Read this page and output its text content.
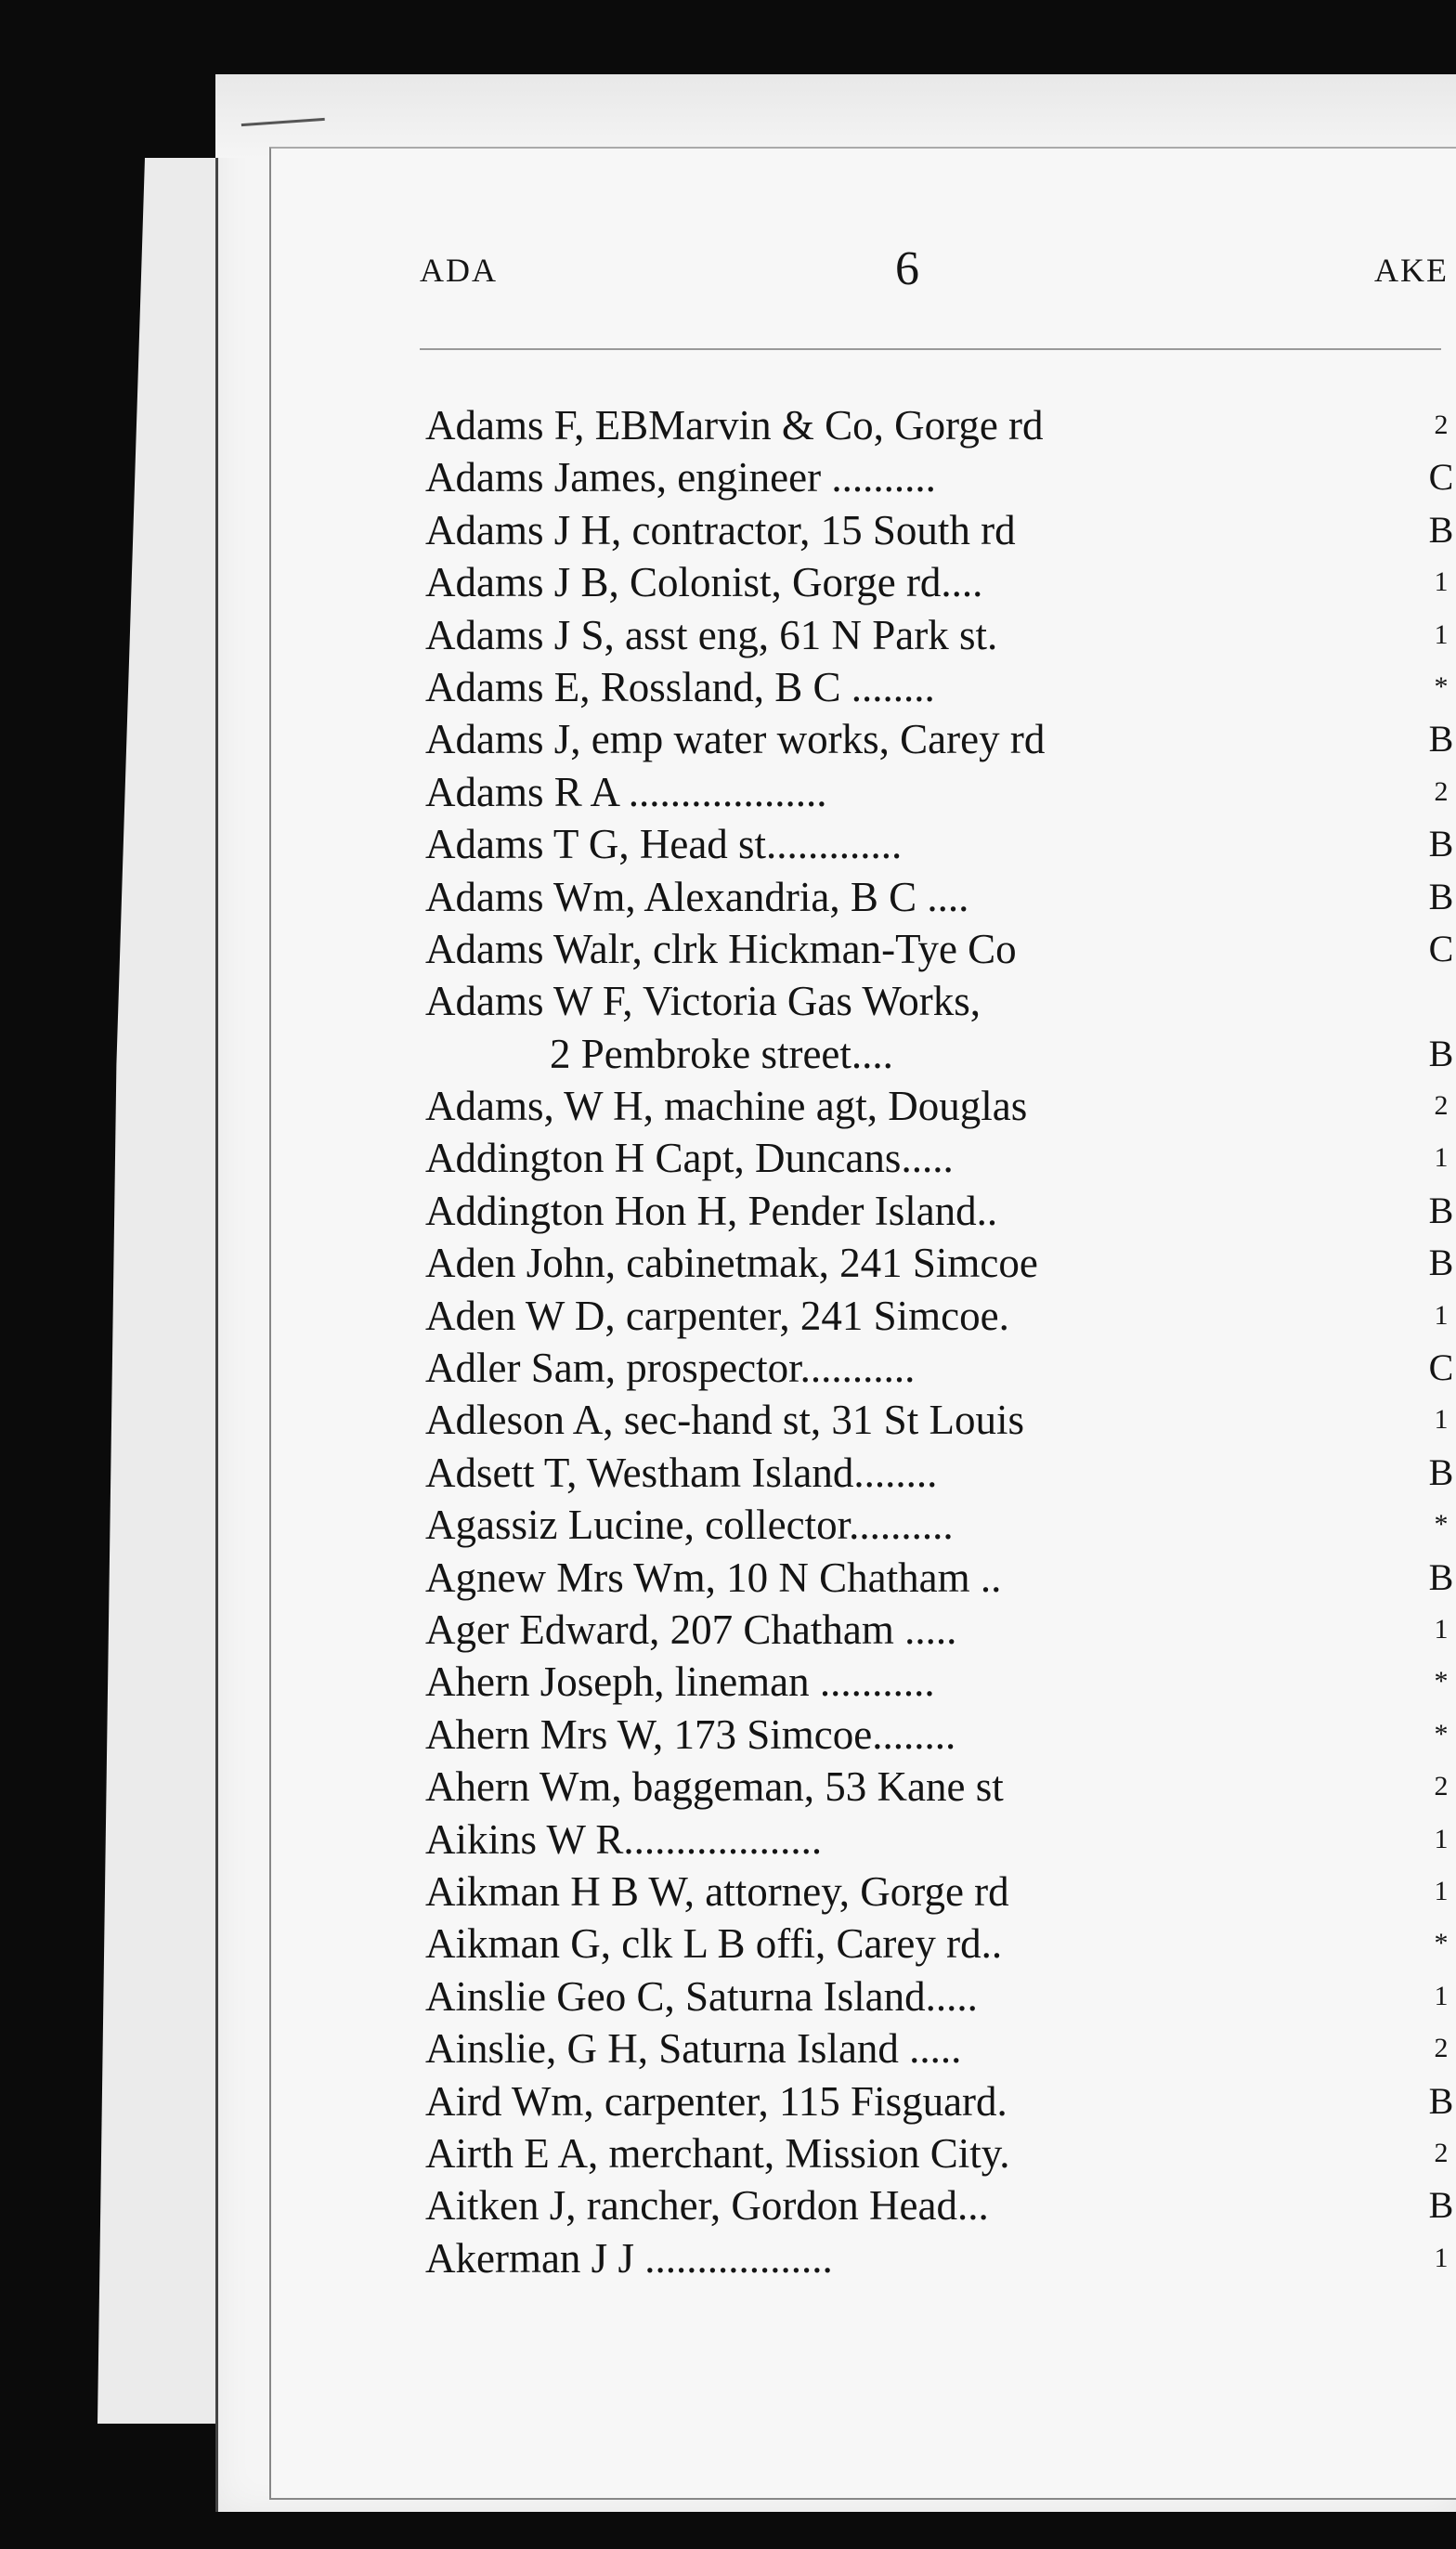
ADA	6	AKE
Adams F, EBMarvin & Co, Gorge rd	2
Adams James, engineer ..........	C
Adams J H, contractor, 15 South rd	B
Adams J B, Colonist, Gorge rd....	1
Adams J S, asst eng, 61 N Park st.	1
Adams E, Rossland, B C ........	*
Adams J, emp water works, Carey rd	B
Adams R A ...................	2
Adams T G, Head st.............	B
Adams Wm, Alexandria, B C ....	B
Adams Walr, clrk Hickman-Tye Co	C
Adams W F, Victoria Gas Works,
2 Pembroke street....	B
Adams, W H, machine agt, Douglas	2
Addington H Capt, Duncans.....	1
Addington Hon H, Pender Island..	B
Aden John, cabinetmak, 241 Simcoe	B
Aden W D, carpenter, 241 Simcoe.	1
Adler Sam, prospector...........	C
Adleson A, sec-hand st, 31 St Louis	1
Adsett T, Westham Island........	B
Agassiz Lucine, collector..........	*
Agnew Mrs Wm, 10 N Chatham ..	B
Ager Edward, 207 Chatham .....	1
Ahern Joseph, lineman ...........	*
Ahern Mrs W, 173 Simcoe........	*
Ahern Wm, baggeman, 53 Kane st	2
Aikins W R...................	1
Aikman H B W, attorney, Gorge rd	1
Aikman G, clk L B offi, Carey rd..	*
Ainslie Geo C, Saturna Island.....	1
Ainslie, G H, Saturna Island .....	2
Aird Wm, carpenter, 115 Fisguard.	B
Airth E A, merchant, Mission City.	2
Aitken J, rancher, Gordon Head...	B
Akerman J J ..................	1
